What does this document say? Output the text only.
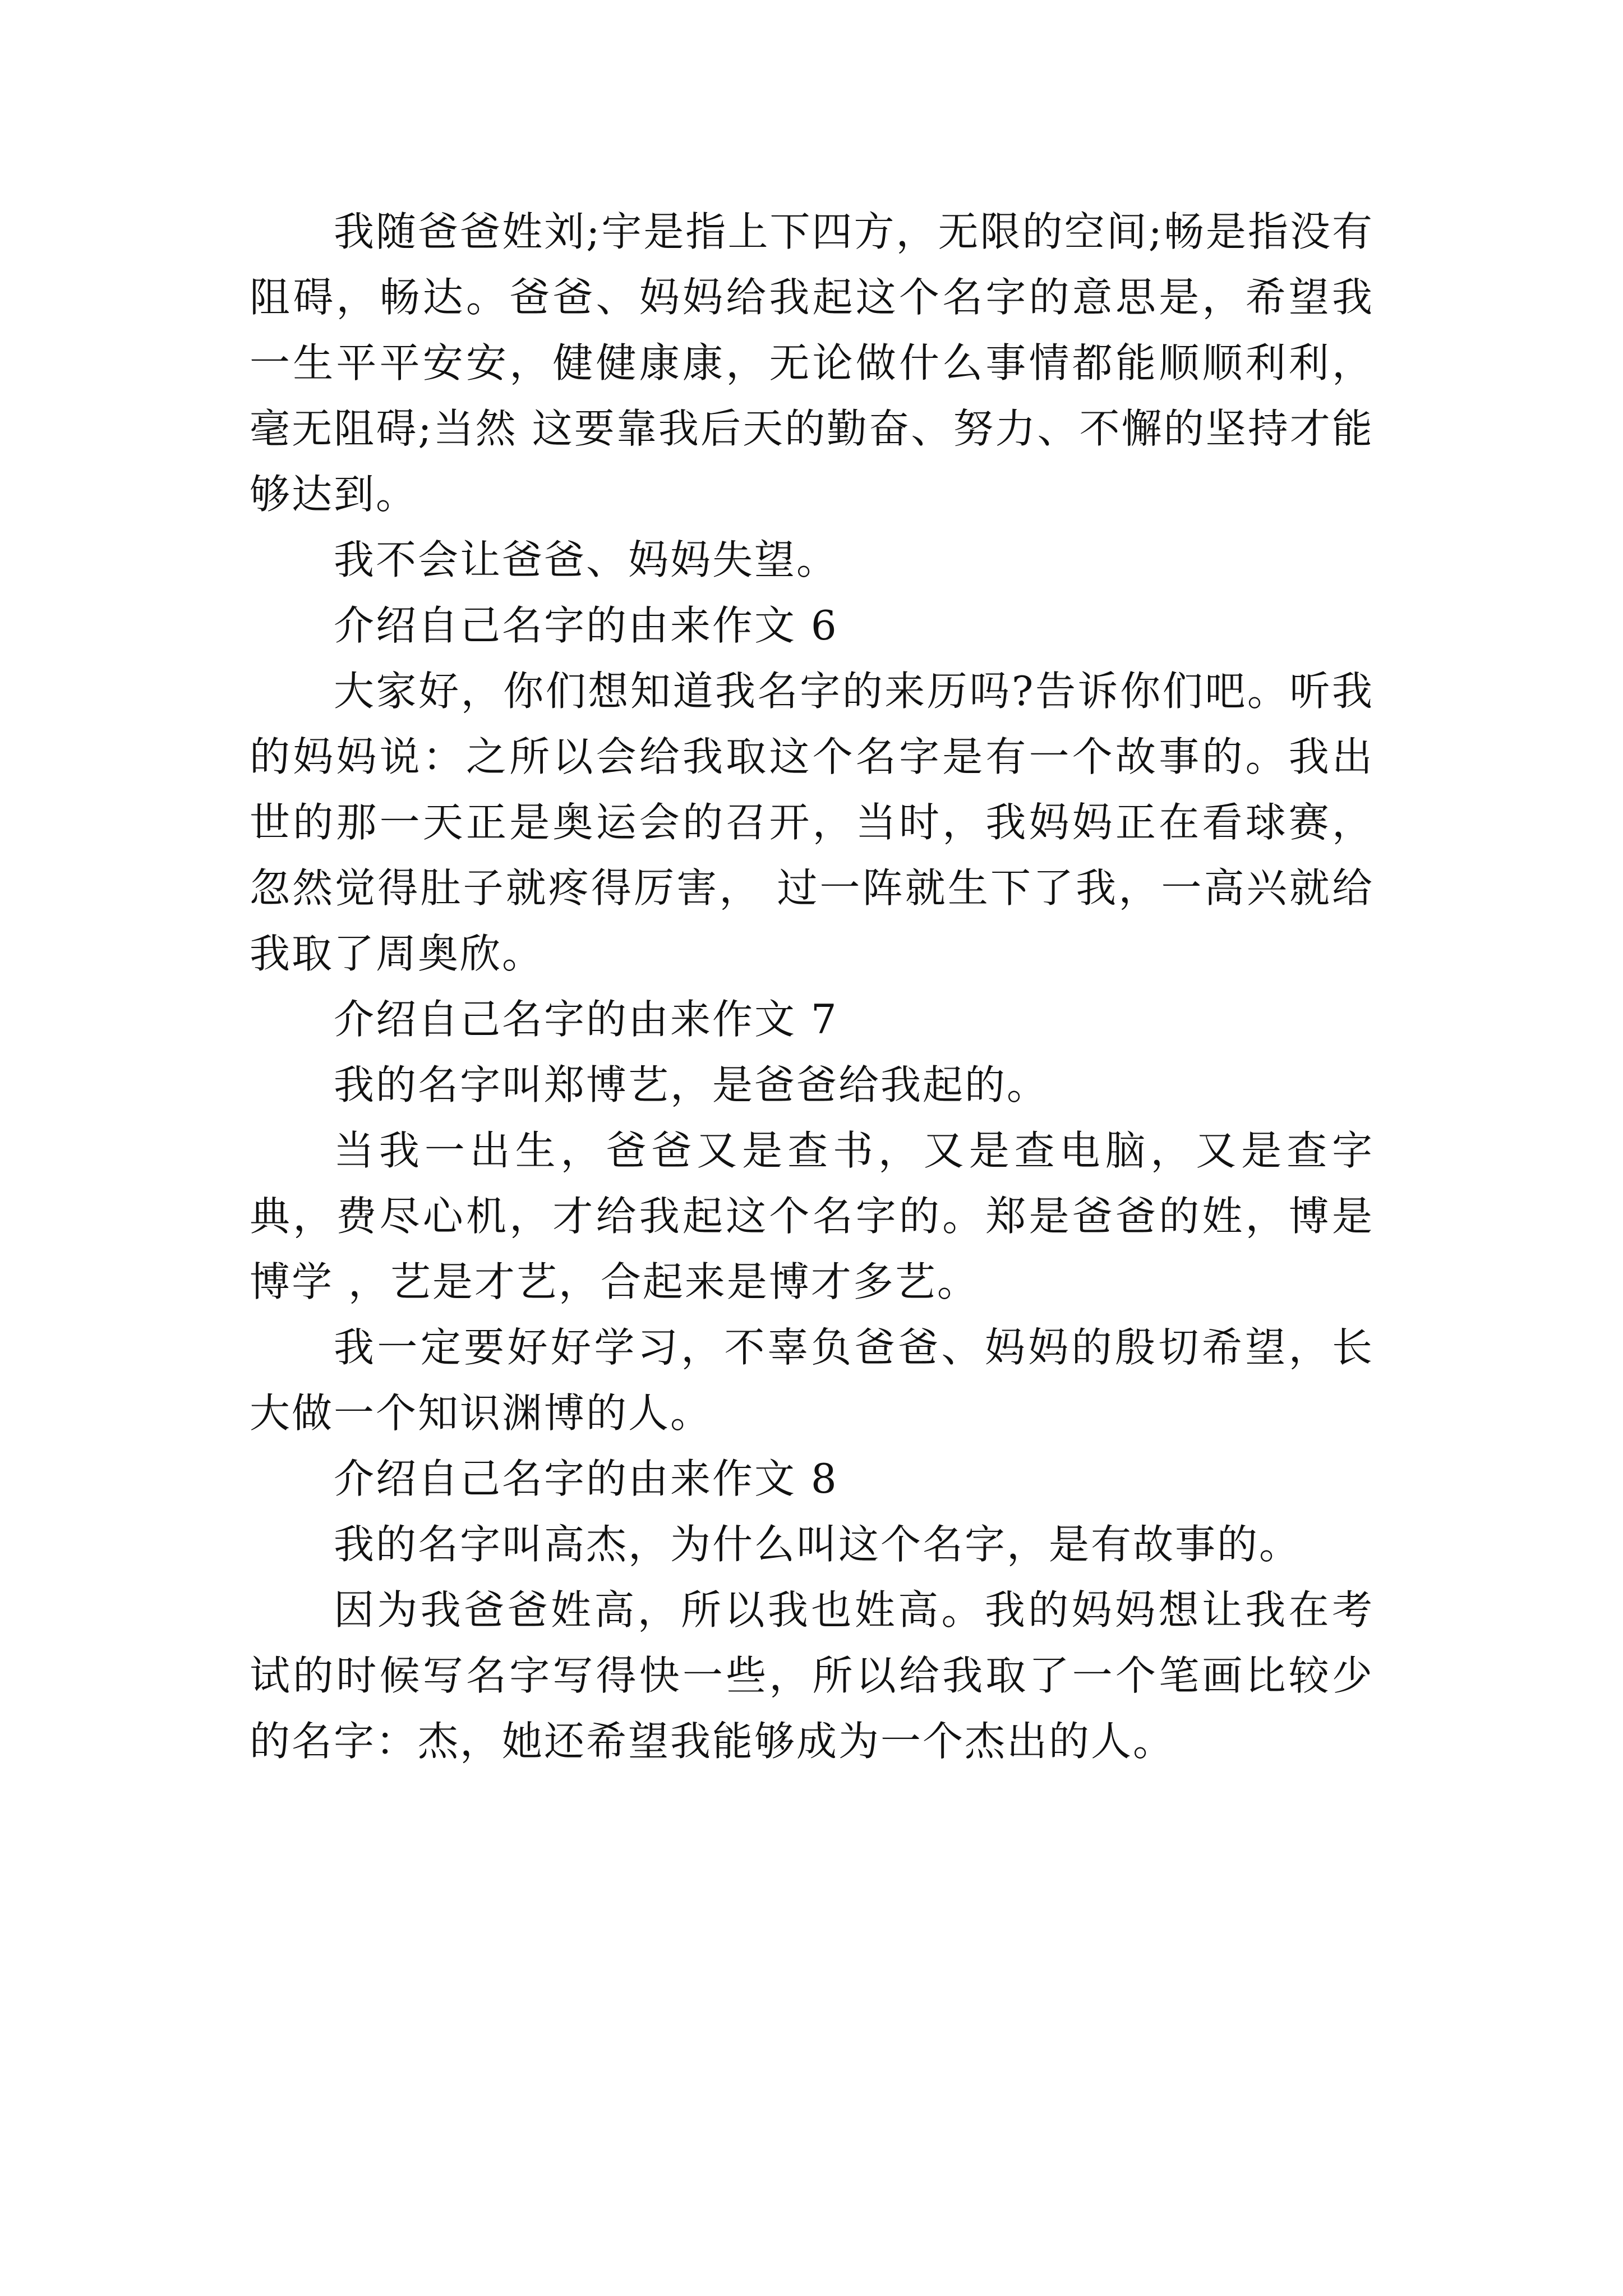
我随爸爸姓刘;宇是指上下四方，无限的空间;畅是指没有阻碍，畅达。爸爸、妈妈给我起这个名字的意思是，希望我一生平平安安，健健康康，无论做什么事情都能顺顺利利，毫无阻碍;当然 这要靠我后天的勤奋、努力、不懈的坚持才能够达到。

我不会让爸爸、妈妈失望。

介绍自己名字的由来作文 6

大家好，你们想知道我名字的来历吗?告诉你们吧。听我的妈妈说：之所以会给我取这个名字是有一个故事的。我出世的那一天正是奥运会的召开，当时，我妈妈正在看球赛，忽然觉得肚子就疼得厉害， 过一阵就生下了我，一高兴就给我取了周奥欣。

介绍自己名字的由来作文 7

我的名字叫郑博艺，是爸爸给我起的。

当我一出生，爸爸又是查书，又是查电脑，又是查字典，费尽心机，才给我起这个名字的。郑是爸爸的姓，博是博学 ，艺是才艺，合起来是博才多艺。

我一定要好好学习，不辜负爸爸、妈妈的殷切希望，长大做一个知识渊博的人。

介绍自己名字的由来作文 8

我的名字叫高杰，为什么叫这个名字，是有故事的。

因为我爸爸姓高，所以我也姓高。我的妈妈想让我在考试的时候写名字写得快一些，所以给我取了一个笔画比较少的名字：杰，她还希望我能够成为一个杰出的人。
